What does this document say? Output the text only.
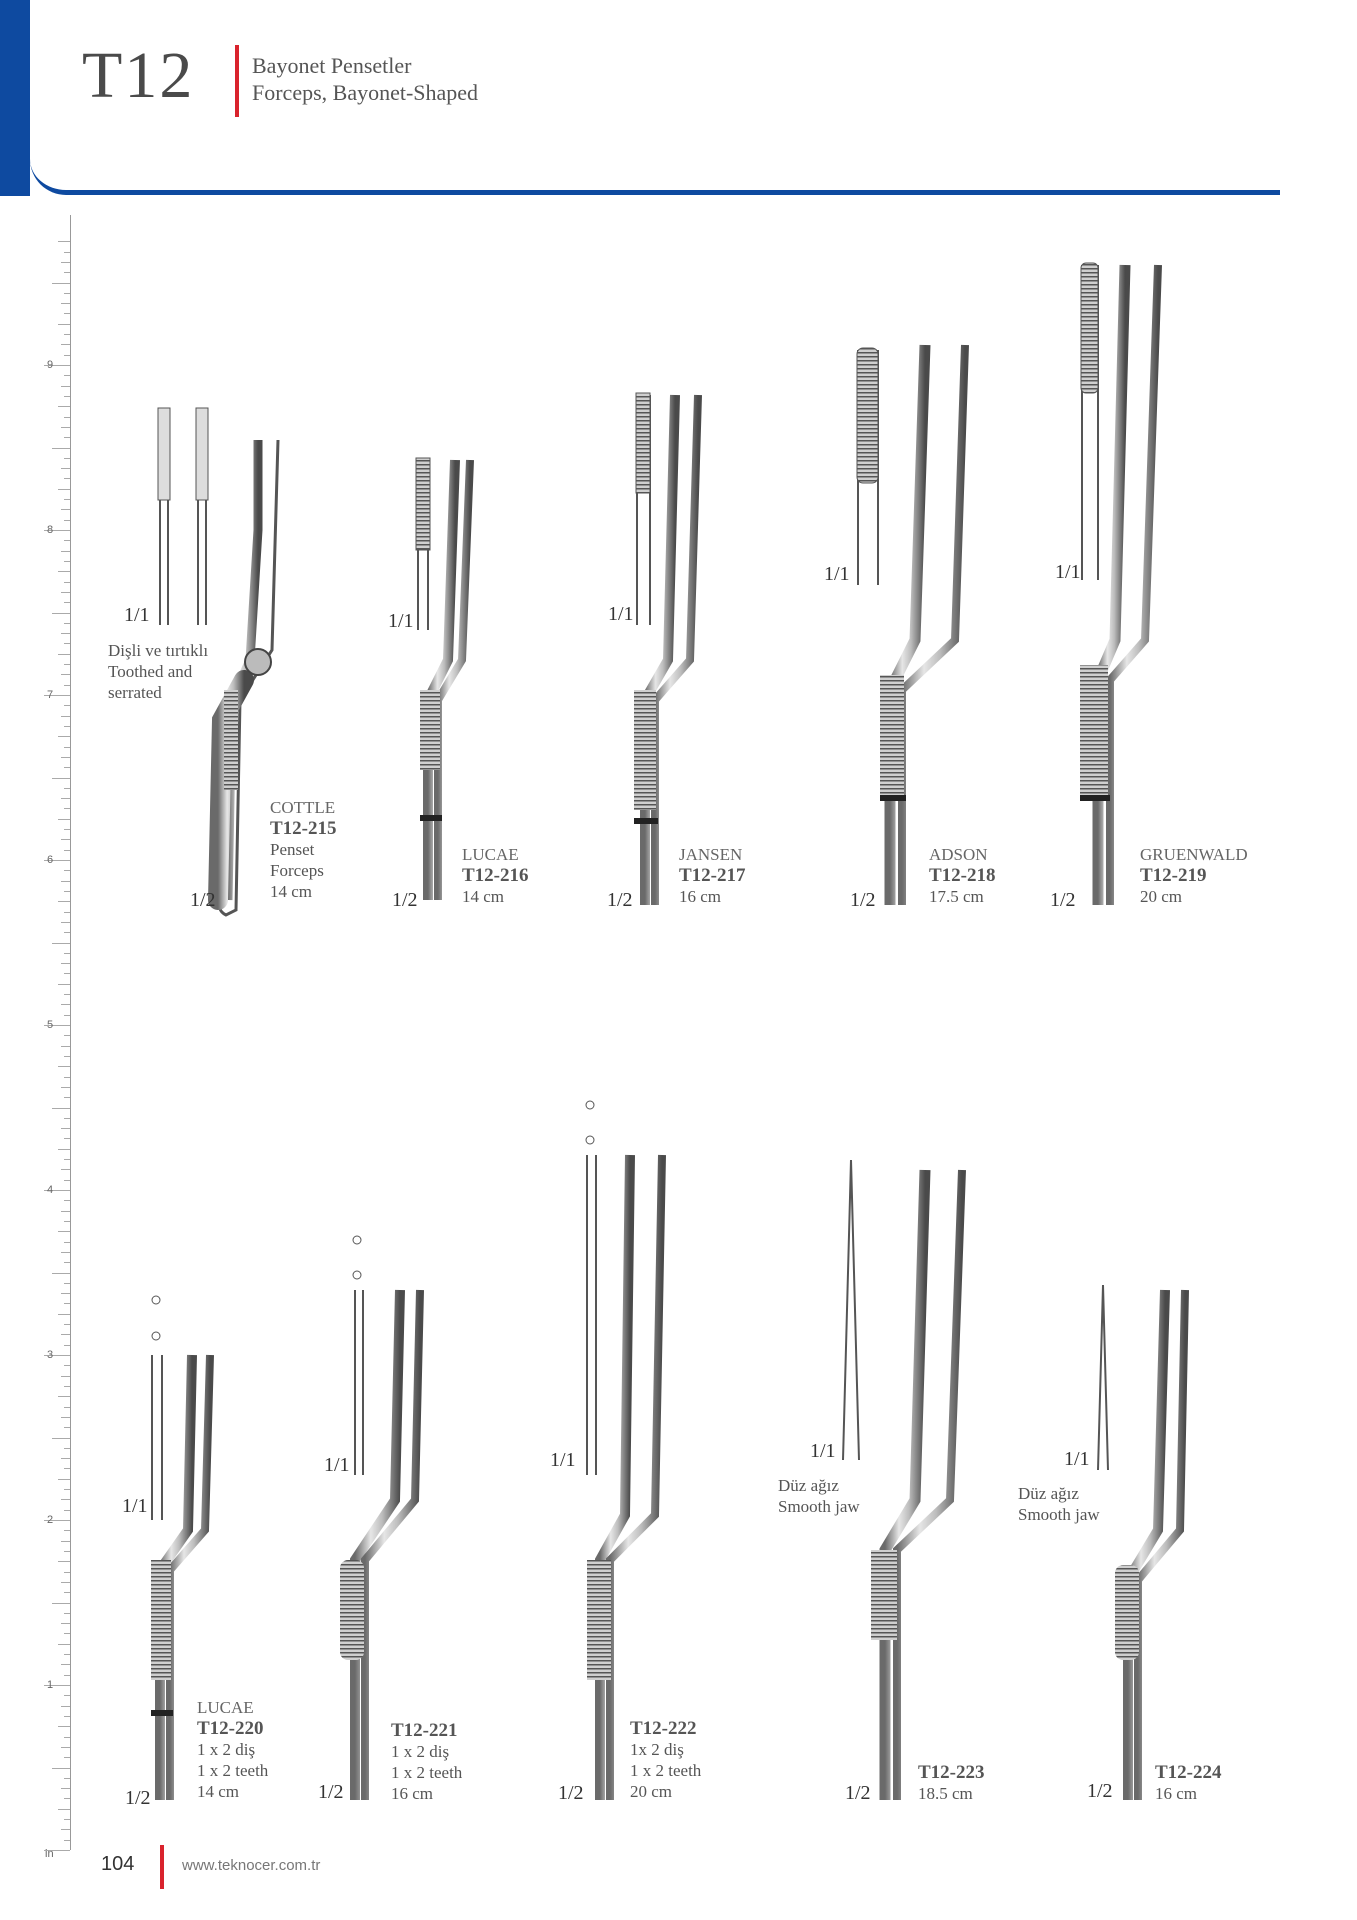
T12	Bayonet Pensetler
Forceps, Bayonet-Shaped
9
8
7
6
5
4
3
2
1
in
1/1	1/1	1/1
1/1	1/1
1/2	1/2	1/2	1/2	1/2
1/1
1/1	1/1	1/1	1/1
1/2	1/2	1/2	1/2	1/2
Dişli ve tırtıklı
Toothed and
serrated
Düz ağız
Smooth jaw
Düz ağız
Smooth jaw
COTTLE
T12-215
Penset
Forceps
14 cm
LUCAE
T12-216
14 cm
JANSEN
T12-217
16 cm
ADSON
T12-218
17.5 cm
GRUENWALD
T12-219
20 cm
LUCAE
T12-220
1 x 2 diş
1 x 2 teeth
14 cm
T12-221
1 x 2 diş
1 x 2 teeth
16 cm
T12-222
1x 2 diş
1 x 2 teeth
20 cm
T12-223
18.5 cm
T12-224
16 cm
104	www.teknocer.com.tr
